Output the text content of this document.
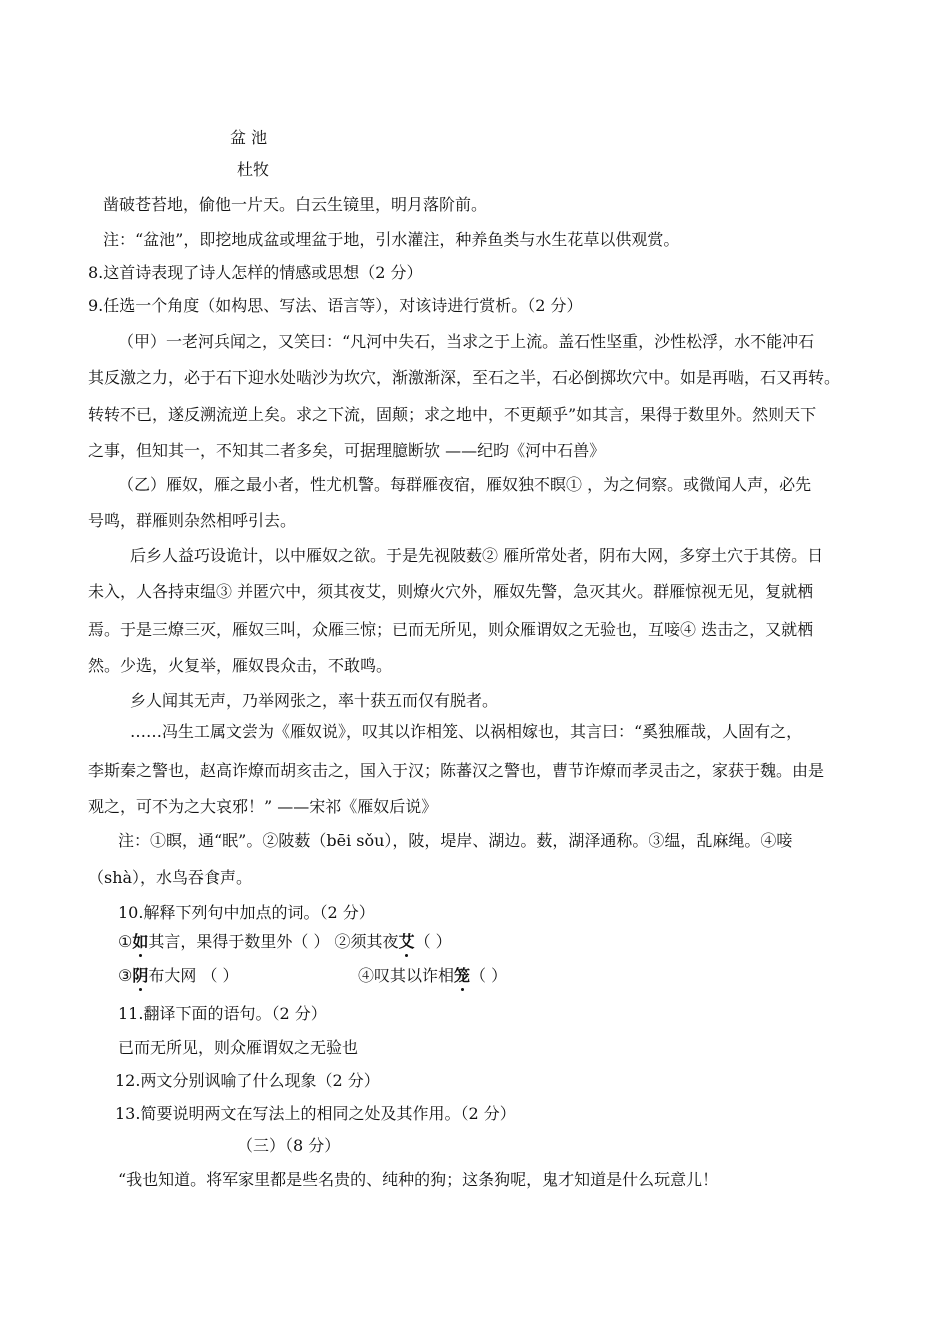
盆 池
杜牧
凿破苍苔地，偷他一片天。白云生镜里，明月落阶前。
注：“盆池”，即挖地成盆或埋盆于地，引水灌注，种养鱼类与水生花草以供观赏。
8.这首诗表现了诗人怎样的情感或思想（2 分）
9.任选一个角度（如构思、写法、语言等），对该诗进行赏析。（2 分）
（甲）一老河兵闻之，又笑曰：“凡河中失石，当求之于上流。盖石性坚重，沙性松浮，水不能冲石
其反激之力，必于石下迎水处啮沙为坎穴，渐激渐深，至石之半，石必倒掷坎穴中。如是再啮，石又再转。
转转不已，遂反溯流逆上矣。求之下流，固颠；求之地中，不更颠乎”如其言，果得于数里外。然则天下
之事，但知其一，不知其二者多矣，可据理臆断欤 ——纪昀《河中石兽》
（乙）雁奴，雁之最小者，性尤机警。每群雁夜宿，雁奴独不瞑① ，为之伺察。或微闻人声，必先
号鸣，群雁则杂然相呼引去。
后乡人益巧设诡计，以中雁奴之欲。于是先视陂薮② 雁所常处者，阴布大网，多穿土穴于其傍。日
未入，人各持束缊③ 并匿穴中，须其夜艾，则燎火穴外，雁奴先警，急灭其火。群雁惊视无见，复就栖
焉。于是三燎三灭，雁奴三叫，众雁三惊；已而无所见，则众雁谓奴之无验也，互唼④ 迭击之，又就栖
然。少选，火复举，雁奴畏众击，不敢鸣。
乡人闻其无声，乃举网张之，率十获五而仅有脱者。
……冯生工属文尝为《雁奴说》，叹其以诈相笼、以祸相嫁也，其言曰：“奚独雁哉，人固有之，
李斯秦之警也，赵高诈燎而胡亥击之，国入于汉；陈蕃汉之警也，曹节诈燎而孝灵击之，家获于魏。由是
观之，可不为之大哀邪！” ——宋祁《雁奴后说》
注：①瞑，通“眠”。②陂薮（bēi sǒu），陂，堤岸、湖边。薮，湖泽通称。③缊，乱麻绳。④唼
（shà），水鸟吞食声。
10.解释下列句中加点的词。（2 分）
①如其言，果得于数里外（ ） ②须其夜艾（ ）
③阴布大网 （ ）	④叹其以诈相笼（ ）
11.翻译下面的语句。（2 分）
已而无所见，则众雁谓奴之无验也
12.两文分别讽喻了什么现象（2 分）
13.简要说明两文在写法上的相同之处及其作用。（2 分）
（三）（8 分）
“我也知道。将军家里都是些名贵的、纯种的狗；这条狗呢，鬼才知道是什么玩意儿！
